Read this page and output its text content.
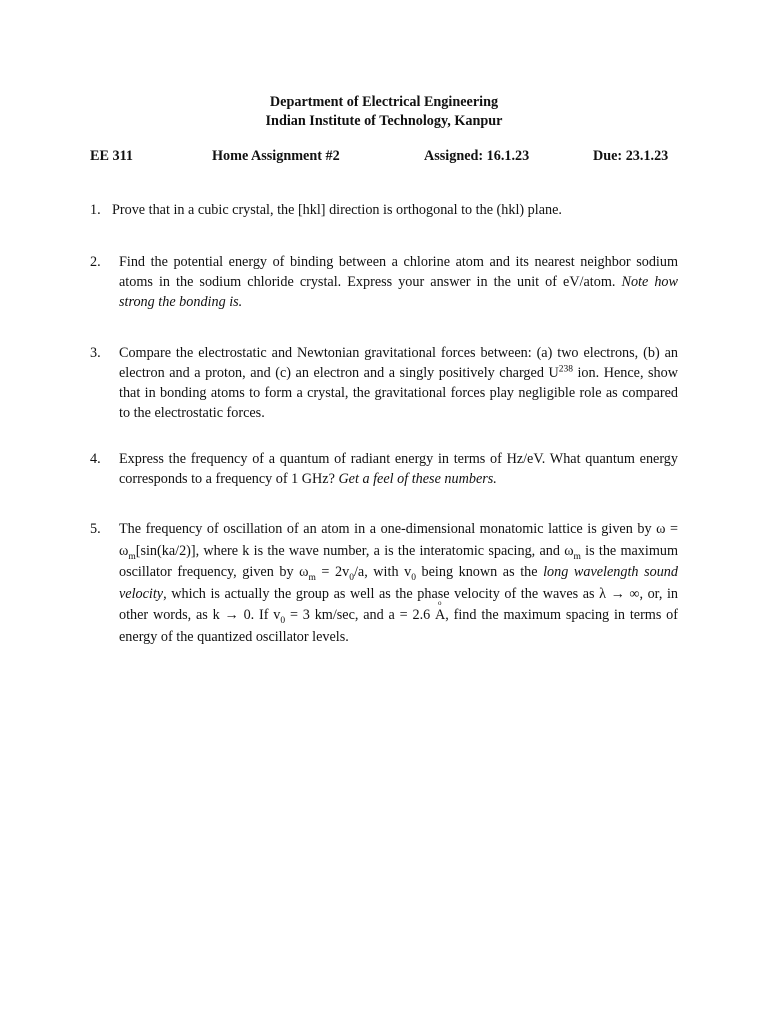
Department of Electrical Engineering
Indian Institute of Technology, Kanpur
EE 311	Home Assignment #2	Assigned: 16.1.23	Due: 23.1.23
1. Prove that in a cubic crystal, the [hkl] direction is orthogonal to the (hkl) plane.
2. Find the potential energy of binding between a chlorine atom and its nearest neighbor sodium atoms in the sodium chloride crystal. Express your answer in the unit of eV/atom. Note how strong the bonding is.
3. Compare the electrostatic and Newtonian gravitational forces between: (a) two electrons, (b) an electron and a proton, and (c) an electron and a singly positively charged $U^{238}$ ion. Hence, show that in bonding atoms to form a crystal, the gravitational forces play negligible role as compared to the electrostatic forces.
4. Express the frequency of a quantum of radiant energy in terms of Hz/eV. What quantum energy corresponds to a frequency of 1 GHz? Get a feel of these numbers.
5. The frequency of oscillation of an atom in a one-dimensional monatomic lattice is given by $\omega = \omega_m[\sin(ka/2)]$, where k is the wave number, a is the interatomic spacing, and $\omega_m$ is the maximum oscillator frequency, given by $\omega_m = 2v_0/a$, with $v_0$ being known as the long wavelength sound velocity, which is actually the group as well as the phase velocity of the waves as λ → ∞, or, in other words, as k → 0. If $v_0 = 3$ km/sec, and a = 2.6 o A, find the maximum spacing in terms of energy of the quantized oscillator levels.
